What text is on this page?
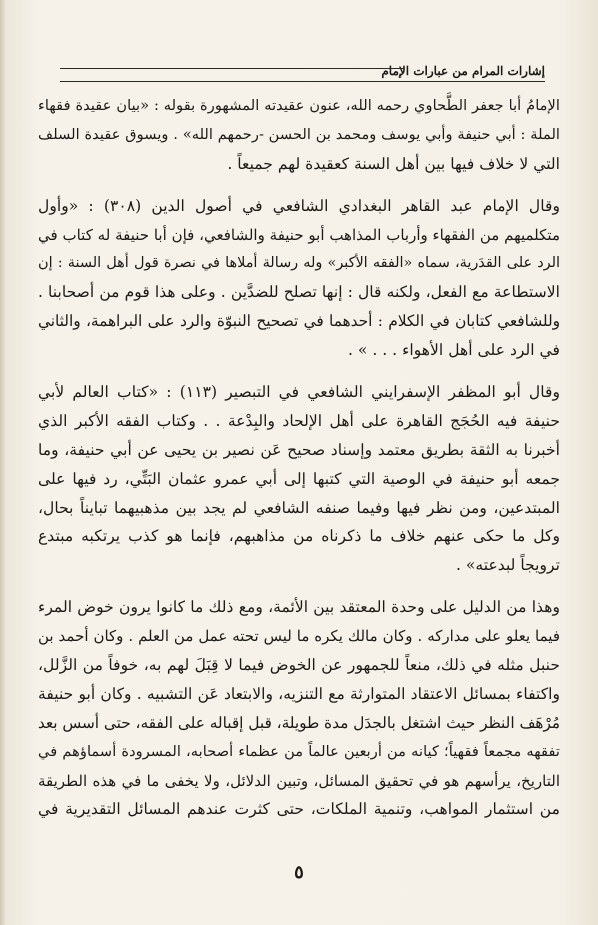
إشارات المرام من عبارات الإمام
الإمامُ أبا جعفر الطَّحاوي رحمه الله، عنون عقيدته المشهورة بقوله : «بيان عقيدة فقهاء
الملة : أبي حنيفة وأبي يوسف ومحمد بن الحسن -رحمهم الله» . ويسوق عقيدة السلف
التي لا خلاف فيها بين أهل السنة كعقيدة لهم جميعاً .
وقال الإمام عبد القاهر البغدادي الشافعي في أصول الدين (٣٠٨) : «وأول
متكلميهم من الفقهاء وأرباب المذاهب أبو حنيفة والشافعي، فإن أبا حنيفة له كتاب في
الرد على القدَرية، سماه «الفقه الأكبر» وله رسالة أملاها في نصرة قول أهل السنة : إن
الاستطاعة مع الفعل، ولكنه قال : إنها تصلح للضدَّين . وعلى هذا قوم من أصحابنا .
وللشافعي كتابان في الكلام : أحدهما في تصحيح النبوّة والرد على البراهمة، والثاني
في الرد على أهل الأهواء . . . » .
وقال أبو المظفر الإسفرايني الشافعي في التبصير (١١٣) : «كتاب العالم لأبي
حنيفة فيه الحُجَج القاهرة على أهل الإلحاد والبِدْعة . . وكتاب الفقه الأكبر الذي
أخبرنا به الثقة بطريق معتمد وإسناد صحيح عَن نصير بن يحيى عن أبي حنيفة، وما
جمعه أبو حنيفة في الوصية التي كتبها إلى أبي عمرو عثمان البَتِّي، رد فيها على
المبتدعين، ومن نظر فيها وفيما صنفه الشافعي لم يجد بين مذهبيهما تبايناً بحال،
وكل ما حكى عنهم خلاف ما ذكرناه من مذاهبهم، فإنما هو كذب يرتكبه مبتدع
ترويجاً لبدعته» .
وهذا من الدليل على وحدة المعتقد بين الأئمة، ومع ذلك ما كانوا يرون خوض المرء
فيما يعلو على مداركه . وكان مالك يكره ما ليس تحته عمل من العلم . وكان أحمد بن
حنبل مثله في ذلك، منعاً للجمهور عن الخوض فيما لا قِبَلَ لهم به، خوفاً من الزَّلل،
واكتفاء بمسائل الاعتقاد المتوارثة مع التنزيه، والابتعاد عَن التشبيه . وكان أبو حنيفة
مُرْهَف النظر حيث اشتغل بالجدَل مدة طويلة، قبل إقباله على الفقه، حتى أسس بعد
تفقهه مجمعاً فقهياً؛ كيانه من أربعين عالماً من عظماء أصحابه، المسرودة أسماؤهم في
التاريخ، يرأسهم هو في تحقيق المسائل، وتبين الدلائل، ولا يخفى ما في هذه الطريقة
من استثمار المواهب، وتنمية الملكات، حتى كثرت عندهم المسائل التقديرية في
٥
